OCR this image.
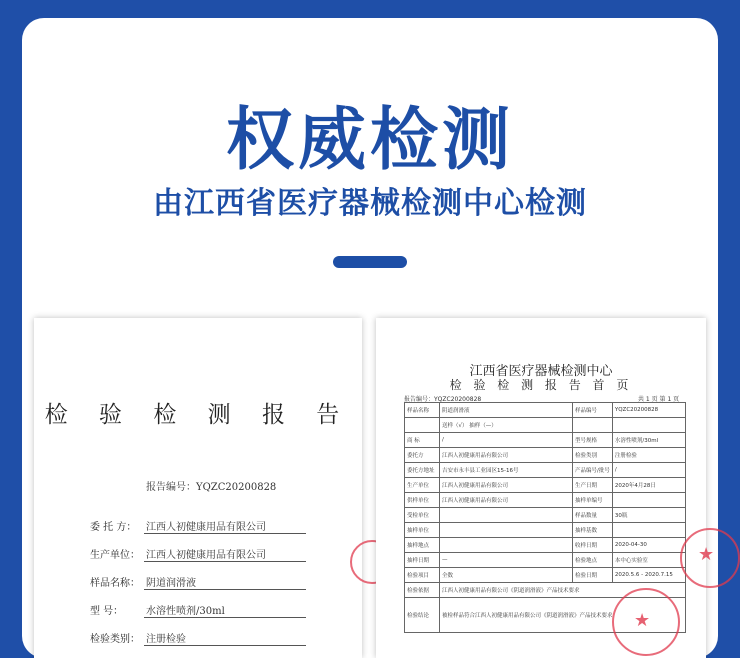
权威检测
由江西省医疗器械检测中心检测
检 验 检 测 报 告
报告编号：YQZC20200828
委 托 方： 江西人初健康用品有限公司
生产单位： 江西人初健康用品有限公司
样品名称： 阴道润滑液
型 号： 水溶性喷剂/30ml
检验类别： 注册检验
江西省医疗器械检测中心
检 验 检 测 报 告 首 页
报告编号：YQZC20200828	共 1 页 第 1 页
样品名称	阴道润滑液	样品编号	YQZC20200828
	送样（√） 抽样（—）		
商 标	/	型号规格	水溶性喷剂/30ml
委托方	江西人初健康用品有限公司	检验类别	注册检验
委托方地址	吉安市永丰县工业园区15-16号	产品编号/批号	/
生产单位	江西人初健康用品有限公司	生产日期	2020年4月28日
供样单位	江西人初健康用品有限公司	抽样单编号	
受检单位		样品数量	30瓶
抽样单位		抽样基数	
抽样地点		收样日期	2020-04-30
抽样日期	—	检验地点	本中心实验室
检验项目	全数	检验日期	2020.5.6 - 2020.7.15
检验依据	江西人初健康用品有限公司《阴道润滑液》产品技术要求		
检验结论	被检样品符合江西人初健康用品有限公司《阴道润滑液》产品技术要求		★
★
